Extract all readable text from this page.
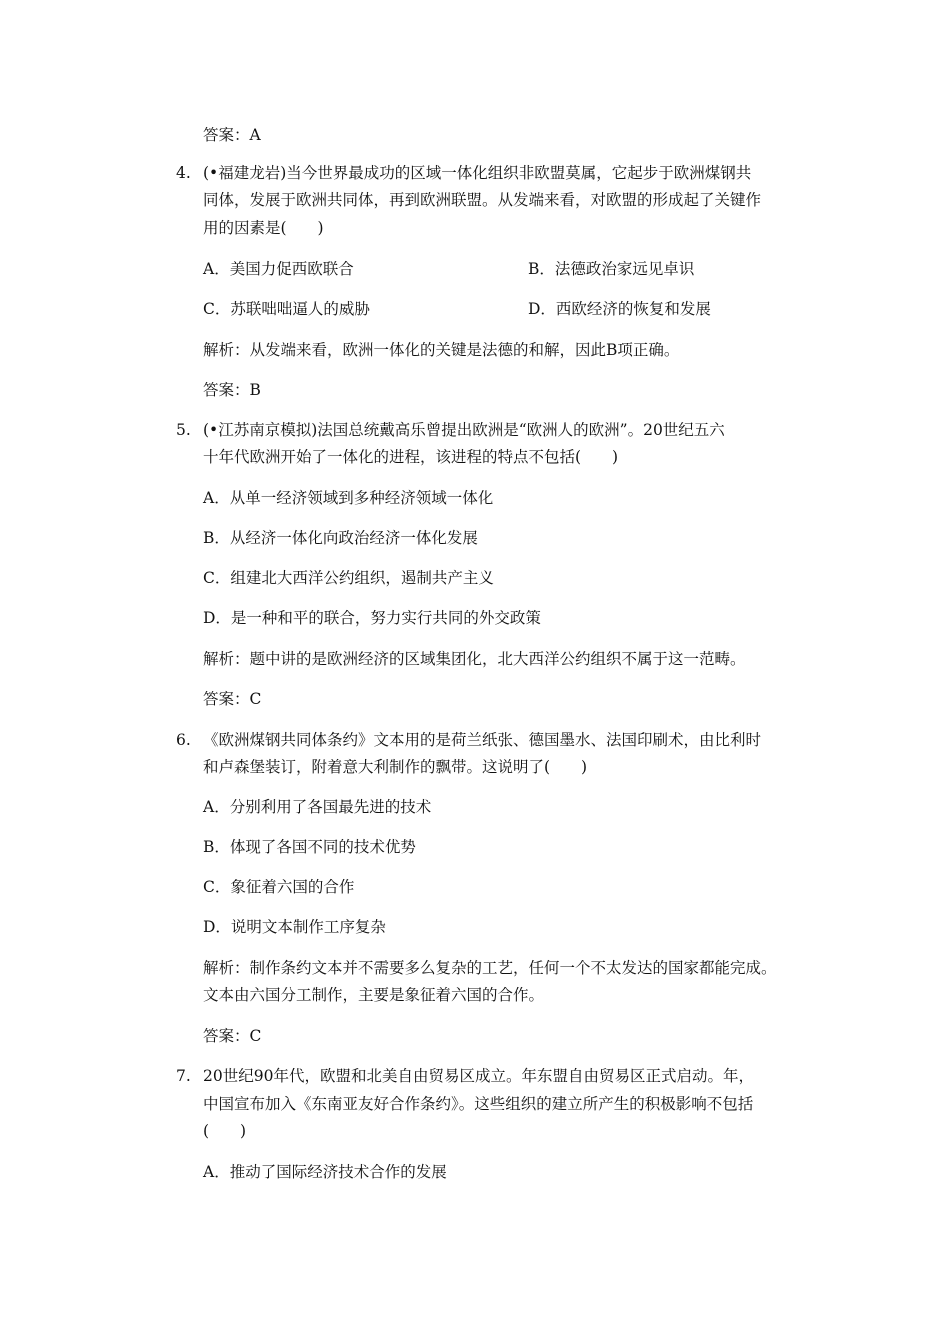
答案：A
4. (•福建龙岩)当今世界最成功的区域一体化组织非欧盟莫属，它起步于欧洲煤钢共
同体，发展于欧洲共同体，再到欧洲联盟。从发端来看，对欧盟的形成起了关键作
用的因素是(　　)
A．美国力促西欧联合	B．法德政治家远见卓识
C．苏联咄咄逼人的威胁	D．西欧经济的恢复和发展
解析：从发端来看，欧洲一体化的关键是法德的和解，因此B项正确。
答案：B
5. (•江苏南京模拟)法国总统戴高乐曾提出欧洲是“欧洲人的欧洲”。20世纪五六
十年代欧洲开始了一体化的进程，该进程的特点不包括(　　)
A．从单一经济领域到多种经济领域一体化
B．从经济一体化向政治经济一体化发展
C．组建北大西洋公约组织，遏制共产主义
D．是一种和平的联合，努力实行共同的外交政策
解析：题中讲的是欧洲经济的区域集团化，北大西洋公约组织不属于这一范畴。
答案：C
6. 《欧洲煤钢共同体条约》文本用的是荷兰纸张、德国墨水、法国印刷术，由比利时
和卢森堡装订，附着意大利制作的飘带。这说明了(　　)
A．分别利用了各国最先进的技术
B．体现了各国不同的技术优势
C．象征着六国的合作
D．说明文本制作工序复杂
解析：制作条约文本并不需要多么复杂的工艺，任何一个不太发达的国家都能完成。
文本由六国分工制作，主要是象征着六国的合作。
答案：C
7. 20世纪90年代，欧盟和北美自由贸易区成立。年东盟自由贸易区正式启动。年，
中国宣布加入《东南亚友好合作条约》。这些组织的建立所产生的积极影响不包括
(　　)
A．推动了国际经济技术合作的发展
